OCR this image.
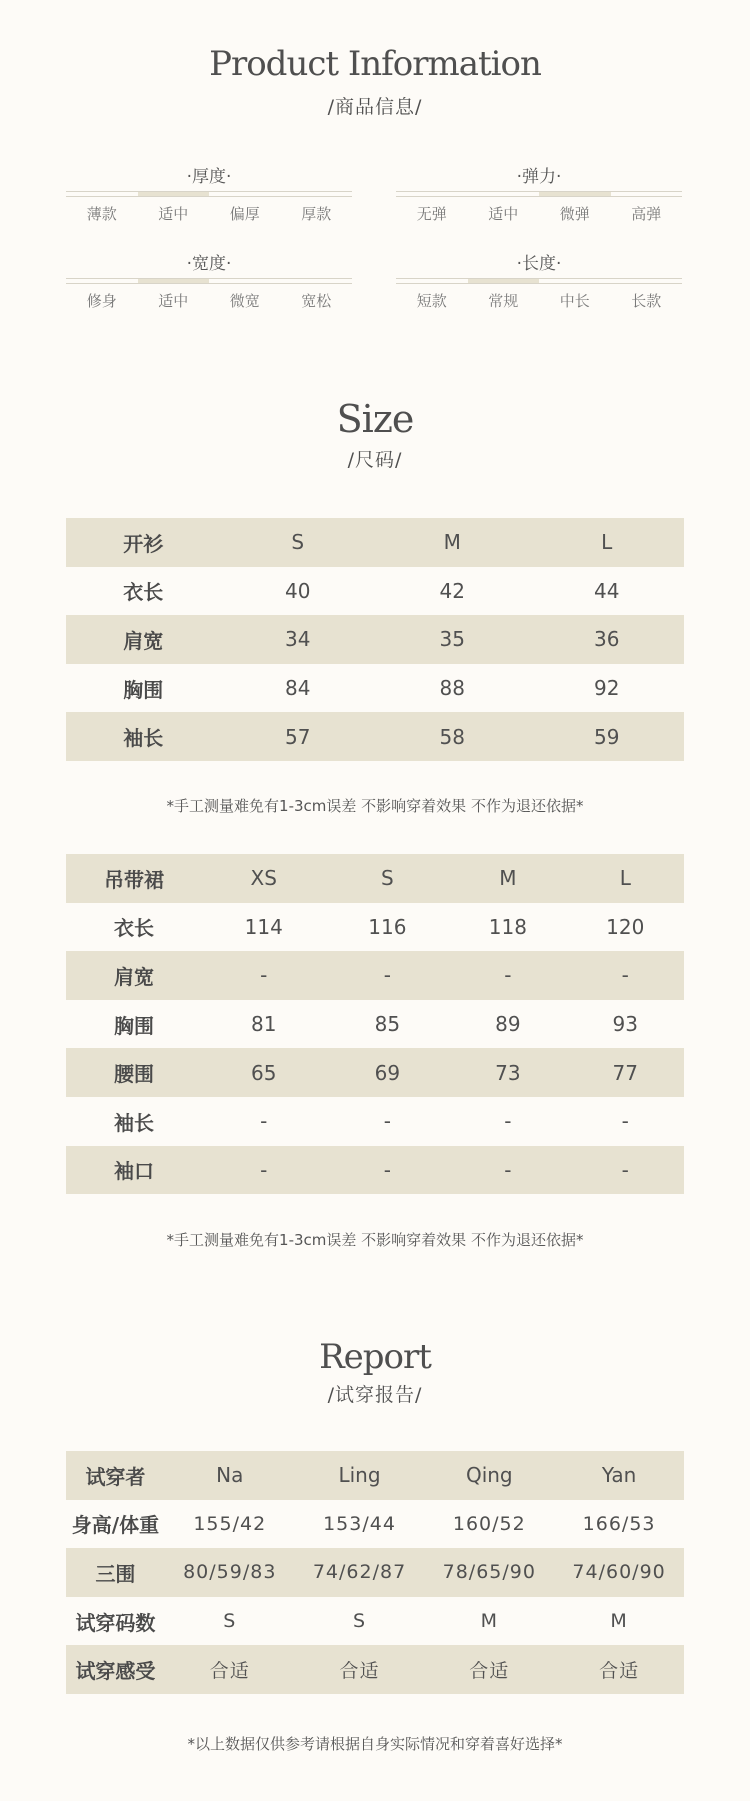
Product Information
/商品信息/
·厚度·
薄款	适中	偏厚	厚款
·弹力·
无弹	适中	微弹	高弹
·宽度·
修身	适中	微宽	宽松
·长度·
短款	常规	中长	长款
Size
/尺码/
开衫	S	M	L
衣长	40	42	44
肩宽	34	35	36
胸围	84	88	92
袖长	57	58	59
*手工测量难免有1-3cm误差 不影响穿着效果 不作为退还依据*
吊带裙	XS	S	M	L
衣长	114	116	118	120
肩宽	-	-	-	-
胸围	81	85	89	93
腰围	65	69	73	77
袖长	-	-	-	-
袖口	-	-	-	-
*手工测量难免有1-3cm误差 不影响穿着效果 不作为退还依据*
Report
/试穿报告/
试穿者	Na	Ling	Qing	Yan
身高/体重	155/42	153/44	160/52	166/53
三围	80/59/83	74/62/87	78/65/90	74/60/90
试穿码数	S	S	M	M
试穿感受	合适	合适	合适	合适
*以上数据仅供参考请根据自身实际情况和穿着喜好选择*
